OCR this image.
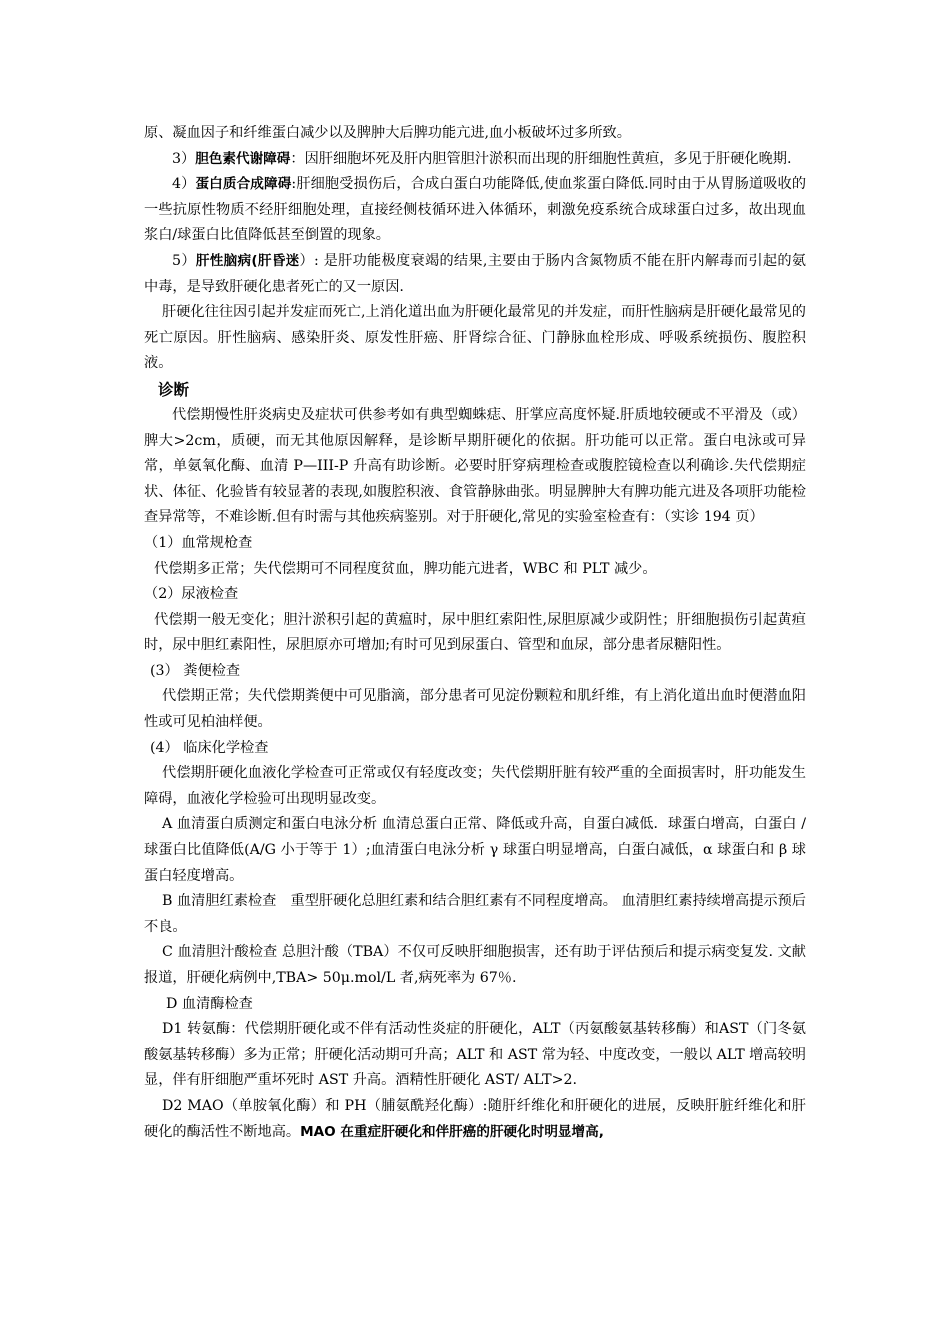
原、凝血因子和纤维蛋白减少以及脾肿大后脾功能亢进,血小板破坏过多所致。

3）胆色素代谢障碍：因肝细胞坏死及肝内胆管胆汁淤积而出现的肝细胞性黄疸，多见于肝硬化晚期.

4）蛋白质合成障碍:肝细胞受损伤后，合成白蛋白功能降低,使血浆蛋白降低.同时由于从胃肠道吸收的一些抗原性物质不经肝细胞处理，直接经侧枝循环进入体循环，刺激免疫系统合成球蛋白过多，故出现血浆白/球蛋白比值降低甚至倒置的现象。

5）肝性脑病(肝昏迷）: 是肝功能极度衰竭的结果,主要由于肠内含氮物质不能在肝内解毒而引起的氨中毒，是导致肝硬化患者死亡的又一原因.

肝硬化往往因引起并发症而死亡,上消化道出血为肝硬化最常见的并发症，而肝性脑病是肝硬化最常见的死亡原因。肝性脑病、感染肝炎、原发性肝癌、肝肾综合征、门静脉血栓形成、呼吸系统损伤、腹腔积液。

诊断

代偿期慢性肝炎病史及症状可供参考如有典型蜘蛛痣、肝掌应高度怀疑.肝质地较硬或不平滑及（或）脾大>2cm，质硬，而无其他原因解释，是诊断早期肝硬化的依据。肝功能可以正常。蛋白电泳或可异常，单氨氧化酶、血清 P—III-P 升高有助诊断。必要时肝穿病理检查或腹腔镜检查以利确诊.失代偿期症状、体征、化验皆有较显著的表现,如腹腔积液、食管静脉曲张。明显脾肿大有脾功能亢进及各项肝功能检查异常等，不难诊断.但有时需与其他疾病鉴别。对于肝硬化,常见的实验室检查有：（实诊 194 页）

（1）血常规枪查

代偿期多正常；失代偿期可不同程度贫血，脾功能亢进者，WBC 和 PLT 减少。

（2）尿液检查

代偿期一般无变化；胆汁淤积引起的黄瘟时，尿中胆红索阳性,尿胆原减少或阴性；肝细胞损伤引起黄疸时，尿中胆红素阳性，尿胆原亦可增加;有时可见到尿蛋白、管型和血尿，部分患者尿糖阳性。

(3） 粪便检查

代偿期正常；失代偿期粪便中可见脂滴，部分患者可见淀份颗粒和肌纤维，有上消化道出血时便潜血阳性或可见柏油样便。

(4） 临床化学检查

代偿期肝硬化血液化学检查可正常或仅有轻度改变；失代偿期肝脏有较严重的全面损害时，肝功能发生障碍，血液化学检验可出现明显改变。

A 血清蛋白质测定和蛋白电泳分析 血清总蛋白正常、降低或升高，自蛋白减低．球蛋白增高，白蛋白 / 球蛋白比值降低(A/G 小于等于 1）;血清蛋白电泳分析 γ 球蛋白明显增高，白蛋白减低，α 球蛋白和 β 球蛋白轻度增高。

B 血清胆红素检查　重型肝硬化总胆红素和结合胆红素有不同程度增高。 血清胆红素持续增高提示预后不良。

C 血清胆汁酸检查 总胆汁酸（TBA）不仅可反映肝细胞损害，还有助于评估预后和提示病变复发. 文献报道，肝硬化病例中,TBA> 50μ.mol/L 者,病死率为 67％.

D 血清酶检查

D1 转氨酶：代偿期肝硬化或不伴有活动性炎症的肝硬化，ALT（丙氨酸氨基转移酶）和AST（门冬氨酸氨基转移酶）多为正常；肝硬化活动期可升高；ALT 和 AST 常为轻、中度改变，一般以 ALT 增高较明显，伴有肝细胞严重坏死时 AST 升高。酒精性肝硬化 AST/ ALT>2.

D2 MAO（单胺氧化酶）和 PH（脯氨酰羟化酶）:随肝纤维化和肝硬化的进展，反映肝脏纤维化和肝硬化的酶活性不断地高。MAO 在重症肝硬化和伴肝癌的肝硬化时明显增高,
